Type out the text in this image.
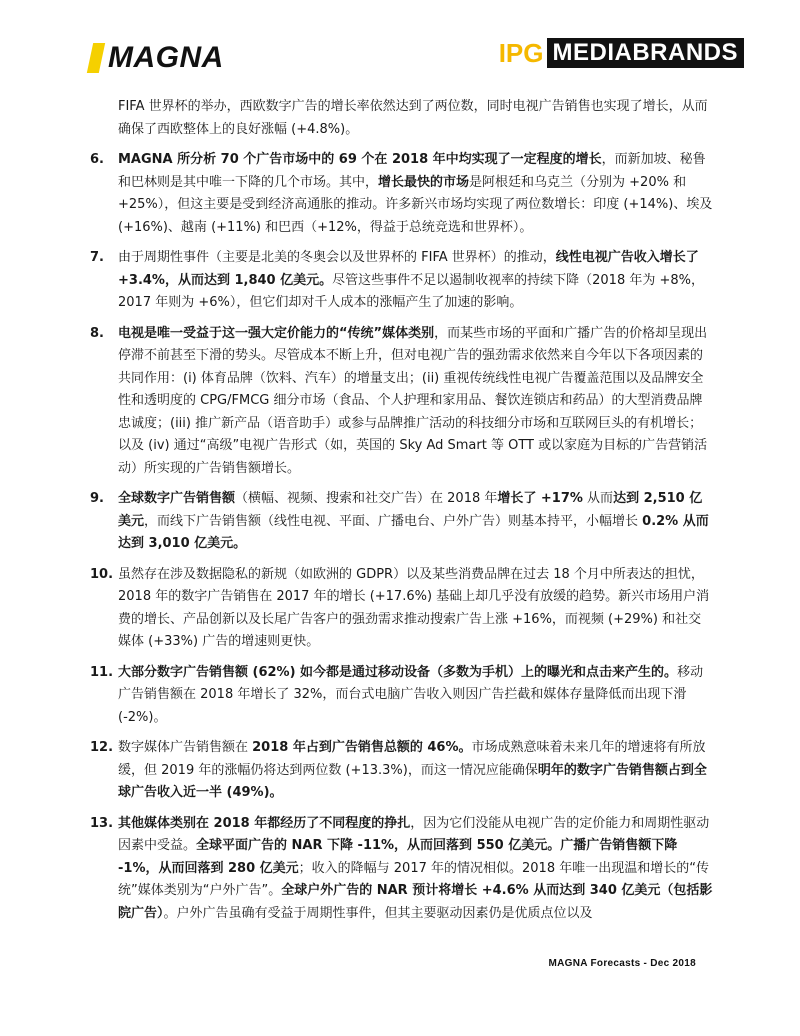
MAGNA	IPG MEDIABRANDS

FIFA 世界杯的举办，西欧数字广告的增长率依然达到了两位数，同时电视广告销售也实现了增长，从而确保了西欧整体上的良好涨幅 (+4.8%)。

6. MAGNA 所分析 70 个广告市场中的 69 个在 2018 年中均实现了一定程度的增长，而新加坡、秘鲁和巴林则是其中唯一下降的几个市场。其中，增长最快的市场是阿根廷和乌克兰（分别为 +20% 和 +25%），但这主要是受到经济高通胀的推动。许多新兴市场均实现了两位数增长：印度 (+14%)、埃及 (+16%)、越南 (+11%) 和巴西（+12%，得益于总统竞选和世界杯）。

7. 由于周期性事件（主要是北美的冬奥会以及世界杯的 FIFA 世界杯）的推动，线性电视广告收入增长了 +3.4%，从而达到 1,840 亿美元。尽管这些事件不足以遏制收视率的持续下降（2018 年为 +8%，2017 年则为 +6%），但它们却对千人成本的涨幅产生了加速的影响。

8. 电视是唯一受益于这一强大定价能力的“传统”媒体类别，而某些市场的平面和广播广告的价格却呈现出停滞不前甚至下滑的势头。尽管成本不断上升，但对电视广告的强劲需求依然来自今年以下各项因素的共同作用：(i) 体育品牌（饮料、汽车）的增量支出；(ii) 重视传统线性电视广告覆盖范围以及品牌安全性和透明度的 CPG/FMCG 细分市场（食品、个人护理和家用品、餐饮连锁店和药品）的大型消费品牌忠诚度；(iii) 推广新产品（语音助手）或参与品牌推广活动的科技细分市场和互联网巨头的有机增长；以及 (iv) 通过“高级”电视广告形式（如，英国的 Sky Ad Smart 等 OTT 或以家庭为目标的广告营销活动）所实现的广告销售额增长。

9. 全球数字广告销售额（横幅、视频、搜索和社交广告）在 2018 年增长了 +17% 从而达到 2,510 亿美元，而线下广告销售额（线性电视、平面、广播电台、户外广告）则基本持平，小幅增长 0.2% 从而达到 3,010 亿美元。

10. 虽然存在涉及数据隐私的新规（如欧洲的 GDPR）以及某些消费品牌在过去 18 个月中所表达的担忧，2018 年的数字广告销售在 2017 年的增长 (+17.6%) 基础上却几乎没有放缓的趋势。新兴市场用户消费的增长、产品创新以及长尾广告客户的强劲需求推动搜索广告上涨 +16%，而视频 (+29%) 和社交媒体 (+33%) 广告的增速则更快。

11. 大部分数字广告销售额 (62%) 如今都是通过移动设备（多数为手机）上的曝光和点击来产生的。移动广告销售额在 2018 年增长了 32%，而台式电脑广告收入则因广告拦截和媒体存量降低而出现下滑 (-2%)。

12. 数字媒体广告销售额在 2018 年占到广告销售总额的 46%。市场成熟意味着未来几年的增速将有所放缓，但 2019 年的涨幅仍将达到两位数 (+13.3%)，而这一情况应能确保明年的数字广告销售额占到全球广告收入近一半 (49%)。

13. 其他媒体类别在 2018 年都经历了不同程度的挣扎，因为它们没能从电视广告的定价能力和周期性驱动因素中受益。全球平面广告的 NAR 下降 -11%，从而回落到 550 亿美元。广播广告销售额下降 -1%，从而回落到 280 亿美元；收入的降幅与 2017 年的情况相似。2018 年唯一出现温和增长的“传统”媒体类别为“户外广告”。全球户外广告的 NAR 预计将增长 +4.6% 从而达到 340 亿美元（包括影院广告）。户外广告虽确有受益于周期性事件，但其主要驱动因素仍是优质点位以及

MAGNA Forecasts - Dec 2018
